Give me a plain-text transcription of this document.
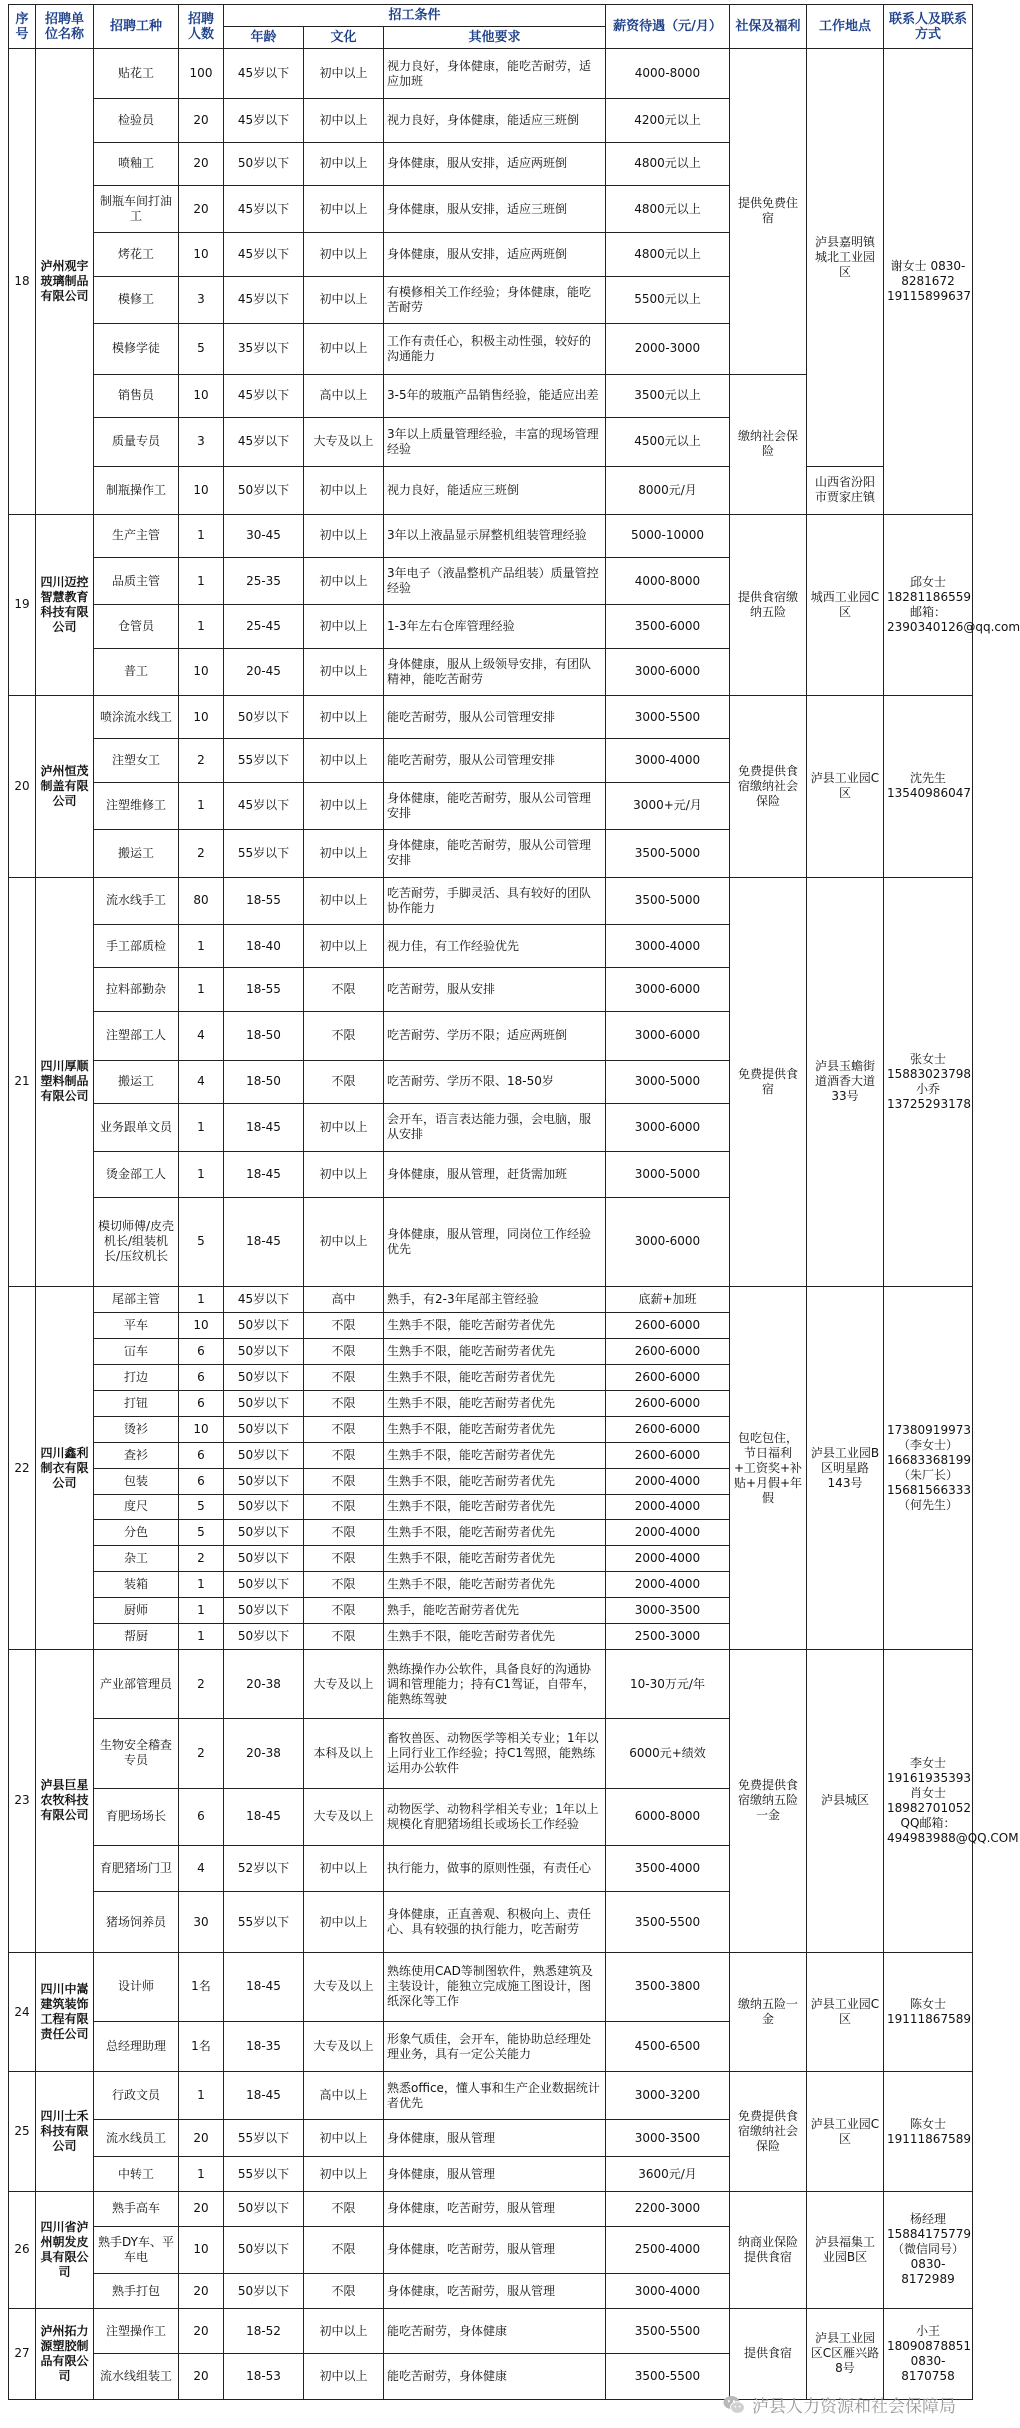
序号	招聘单位名称	招聘工种	招聘人数	招工条件			薪资待遇（元/月）	社保及福利	工作地点	联系人及联系方式
				年龄	文化	其他要求				
18	泸州观宇玻璃制品有限公司	贴花工	100	45岁以下	初中以上	视力良好，身体健康，能吃苦耐劳，适应加班	4000-8000	提供免费住宿	泸县嘉明镇城北工业园区	谢女士 0830-8281672 19115899637
		检验员	20	45岁以下	初中以上	视力良好，身体健康，能适应三班倒	4200元以上			
		喷釉工	20	50岁以下	初中以上	身体健康，服从安排，适应两班倒	4800元以上			
		制瓶车间打油工	20	45岁以下	初中以上	身体健康，服从安排，适应三班倒	4800元以上			
		烤花工	10	45岁以下	初中以上	身体健康，服从安排，适应两班倒	4800元以上			
		模修工	3	45岁以下	初中以上	有模修相关工作经验；身体健康，能吃苦耐劳	5500元以上			
		模修学徒	5	35岁以下	初中以上	工作有责任心，积极主动性强，较好的沟通能力	2000-3000			
		销售员	10	45岁以下	高中以上	3-5年的玻瓶产品销售经验，能适应出差	3500元以上	缴纳社会保险		
		质量专员	3	45岁以下	大专及以上	3年以上质量管理经验，丰富的现场管理经验	4500元以上			
		制瓶操作工	10	50岁以下	初中以上	视力良好，能适应三班倒	8000元/月		山西省汾阳市贾家庄镇	
19	四川迈控智慧教育科技有限公司	生产主管	1	30-45	初中以上	3年以上液晶显示屏整机组装管理经验	5000-10000	提供食宿缴纳五险	城西工业园C区	邱女士 18281186559 邮箱：2390340126@qq.com
		品质主管	1	25-35	初中以上	3年电子（液晶整机产品组装）质量管控经验	4000-8000			
		仓管员	1	25-45	初中以上	1-3年左右仓库管理经验	3500-6000			
		普工	10	20-45	初中以上	身体健康，服从上级领导安排，有团队精神，能吃苦耐劳	3000-6000			
20	泸州恒茂制盖有限公司	喷涂流水线工	10	50岁以下	初中以上	能吃苦耐劳，服从公司管理安排	3000-5500	免费提供食宿缴纳社会保险	泸县工业园C区	沈先生 13540986047
		注塑女工	2	55岁以下	初中以上	能吃苦耐劳，服从公司管理安排	3000-4000			
		注塑维修工	1	45岁以下	初中以上	身体健康，能吃苦耐劳，服从公司管理安排	3000+元/月			
		搬运工	2	55岁以下	初中以上	身体健康，能吃苦耐劳，服从公司管理安排	3500-5000			
21	四川厚顺塑料制品有限公司	流水线手工	80	18-55	初中以上	吃苦耐劳，手脚灵活、具有较好的团队协作能力	3500-5000	免费提供食宿	泸县玉蟾街道酒香大道33号	张女士 15883023798 小乔 13725293178
		手工部质检	1	18-40	初中以上	视力佳，有工作经验优先	3000-4000			
		拉料部勤杂	1	18-55	不限	吃苦耐劳，服从安排	3000-6000			
		注塑部工人	4	18-50	不限	吃苦耐劳、学历不限；适应两班倒	3000-6000			
		搬运工	4	18-50	不限	吃苦耐劳、学历不限、18-50岁	3000-5000			
		业务跟单文员	1	18-45	初中以上	会开车，语言表达能力强，会电脑，服从安排	3000-6000			
		烫金部工人	1	18-45	初中以上	身体健康，服从管理，赶货需加班	3000-5000			
		模切师傅/皮壳机长/组装机长/压纹机长	5	18-45	初中以上	身体健康，服从管理，同岗位工作经验优先	3000-6000			
22	四川鑫利制衣有限公司	尾部主管	1	45岁以下	高中	熟手，有2-3年尾部主管经验	底薪+加班	包吃包住，节日福利+工资奖+补贴+月假+年假	泸县工业园B区明星路143号	17380919973（李女士）16683368199（朱厂长）15681566333（何先生）
		平车	10	50岁以下	不限	生熟手不限，能吃苦耐劳者优先	2600-6000			
		冚车	6	50岁以下	不限	生熟手不限，能吃苦耐劳者优先	2600-6000			
		打边	6	50岁以下	不限	生熟手不限，能吃苦耐劳者优先	2600-6000			
		打钮	6	50岁以下	不限	生熟手不限，能吃苦耐劳者优先	2600-6000			
		烫衫	10	50岁以下	不限	生熟手不限，能吃苦耐劳者优先	2600-6000			
		查衫	6	50岁以下	不限	生熟手不限，能吃苦耐劳者优先	2600-6000			
		包装	6	50岁以下	不限	生熟手不限，能吃苦耐劳者优先	2000-4000			
		度尺	5	50岁以下	不限	生熟手不限，能吃苦耐劳者优先	2000-4000			
		分色	5	50岁以下	不限	生熟手不限，能吃苦耐劳者优先	2000-4000			
		杂工	2	50岁以下	不限	生熟手不限，能吃苦耐劳者优先	2000-4000			
		装箱	1	50岁以下	不限	生熟手不限，能吃苦耐劳者优先	2000-4000			
		厨师	1	50岁以下	不限	熟手，能吃苦耐劳者优先	3000-3500			
		帮厨	1	50岁以下	不限	生熟手不限，能吃苦耐劳者优先	2500-3000			
23	泸县巨星农牧科技有限公司	产业部管理员	2	20-38	大专及以上	熟练操作办公软件，具备良好的沟通协调和管理能力；持有C1驾证，自带车，能熟练驾驶	10-30万元/年	免费提供食宿缴纳五险一金	泸县城区	李女士 19161935393 肖女士 18982701052 QQ邮箱：494983988@QQ.COM
		生物安全稽查专员	2	20-38	本科及以上	畜牧兽医、动物医学等相关专业；1年以上同行业工作经验；持C1驾照，能熟练运用办公软件	6000元+绩效			
		育肥场场长	6	18-45	大专及以上	动物医学、动物科学相关专业；1年以上规模化育肥猪场组长或场长工作经验	6000-8000			
		育肥猪场门卫	4	52岁以下	初中以上	执行能力，做事的原则性强，有责任心	3500-4000			
		猪场饲养员	30	55岁以下	初中以上	身体健康，正直善观、积极向上、责任心、具有较强的执行能力，吃苦耐劳	3500-5500			
24	四川中嵩建筑装饰工程有限责任公司	设计师	1名	18-45	大专及以上	熟练使用CAD等制图软件，熟悉建筑及主装设计，能独立完成施工图设计，图纸深化等工作	3500-3800	缴纳五险一金	泸县工业园C区	陈女士 19111867589
		总经理助理	1名	18-35	大专及以上	形象气质佳，会开车，能协助总经理处理业务，具有一定公关能力	4500-6500			
25	四川士禾科技有限公司	行政文员	1	18-45	高中以上	熟悉office，懂人事和生产企业数据统计者优先	3000-3200	免费提供食宿缴纳社会保险	泸县工业园C区	陈女士 19111867589
		流水线员工	20	55岁以下	初中以上	身体健康，服从管理	3000-3500			
		中转工	1	55岁以下	初中以上	身体健康，服从管理	3600元/月			
26	四川省泸州朝发皮具有限公司	熟手高车	20	50岁以下	不限	身体健康，吃苦耐劳，服从管理	2200-3000	纳商业保险提供食宿	泸县福集工业园B区	杨经理 15884175779（微信同号）0830-8172989
		熟手DY车、平车电	10	50岁以下	不限	身体健康，吃苦耐劳，服从管理	2500-4000			
		熟手打包	20	50岁以下	不限	身体健康，吃苦耐劳，服从管理	3000-4000			
27	泸州拓力源塑胶制品有限公司	注塑操作工	20	18-52	初中以上	能吃苦耐劳，身体健康	3500-5500	提供食宿	泸县工业园区C区雁兴路8号	小王 18090878851 0830-8170758
		流水线组装工	20	18-53	初中以上	能吃苦耐劳，身体健康	3500-5500			
泸县人力资源和社会保障局
